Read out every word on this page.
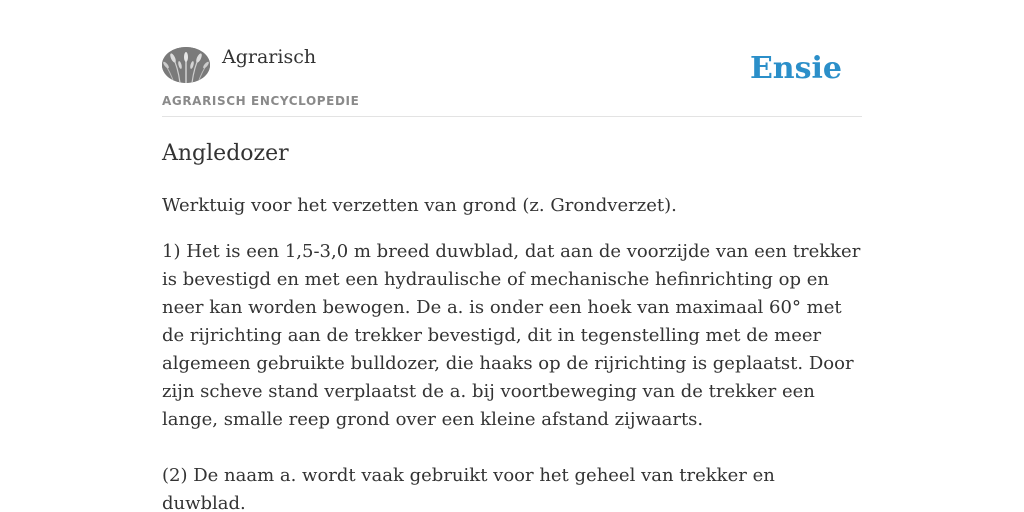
Agrarisch
AGRARISCH ENCYCLOPEDIE
Ensie
Angledozer

Werktuig voor het verzetten van grond (z. Grondverzet).

1) Het is een 1,5-3,0 m breed duwblad, dat aan de voorzijde van een trekker is bevestigd en met een hydraulische of mechanische hefinrichting op en neer kan worden bewogen. De a. is onder een hoek van maximaal 60° met de rijrichting aan de trekker bevestigd, dit in tegenstelling met de meer algemeen gebruikte bulldozer, die haaks op de rijrichting is geplaatst. Door zijn scheve stand verplaatst de a. bij voortbeweging van de trekker een lange, smalle reep grond over een kleine afstand zijwaarts.

(2) De naam a. wordt vaak gebruikt voor het geheel van trekker en duwblad.
